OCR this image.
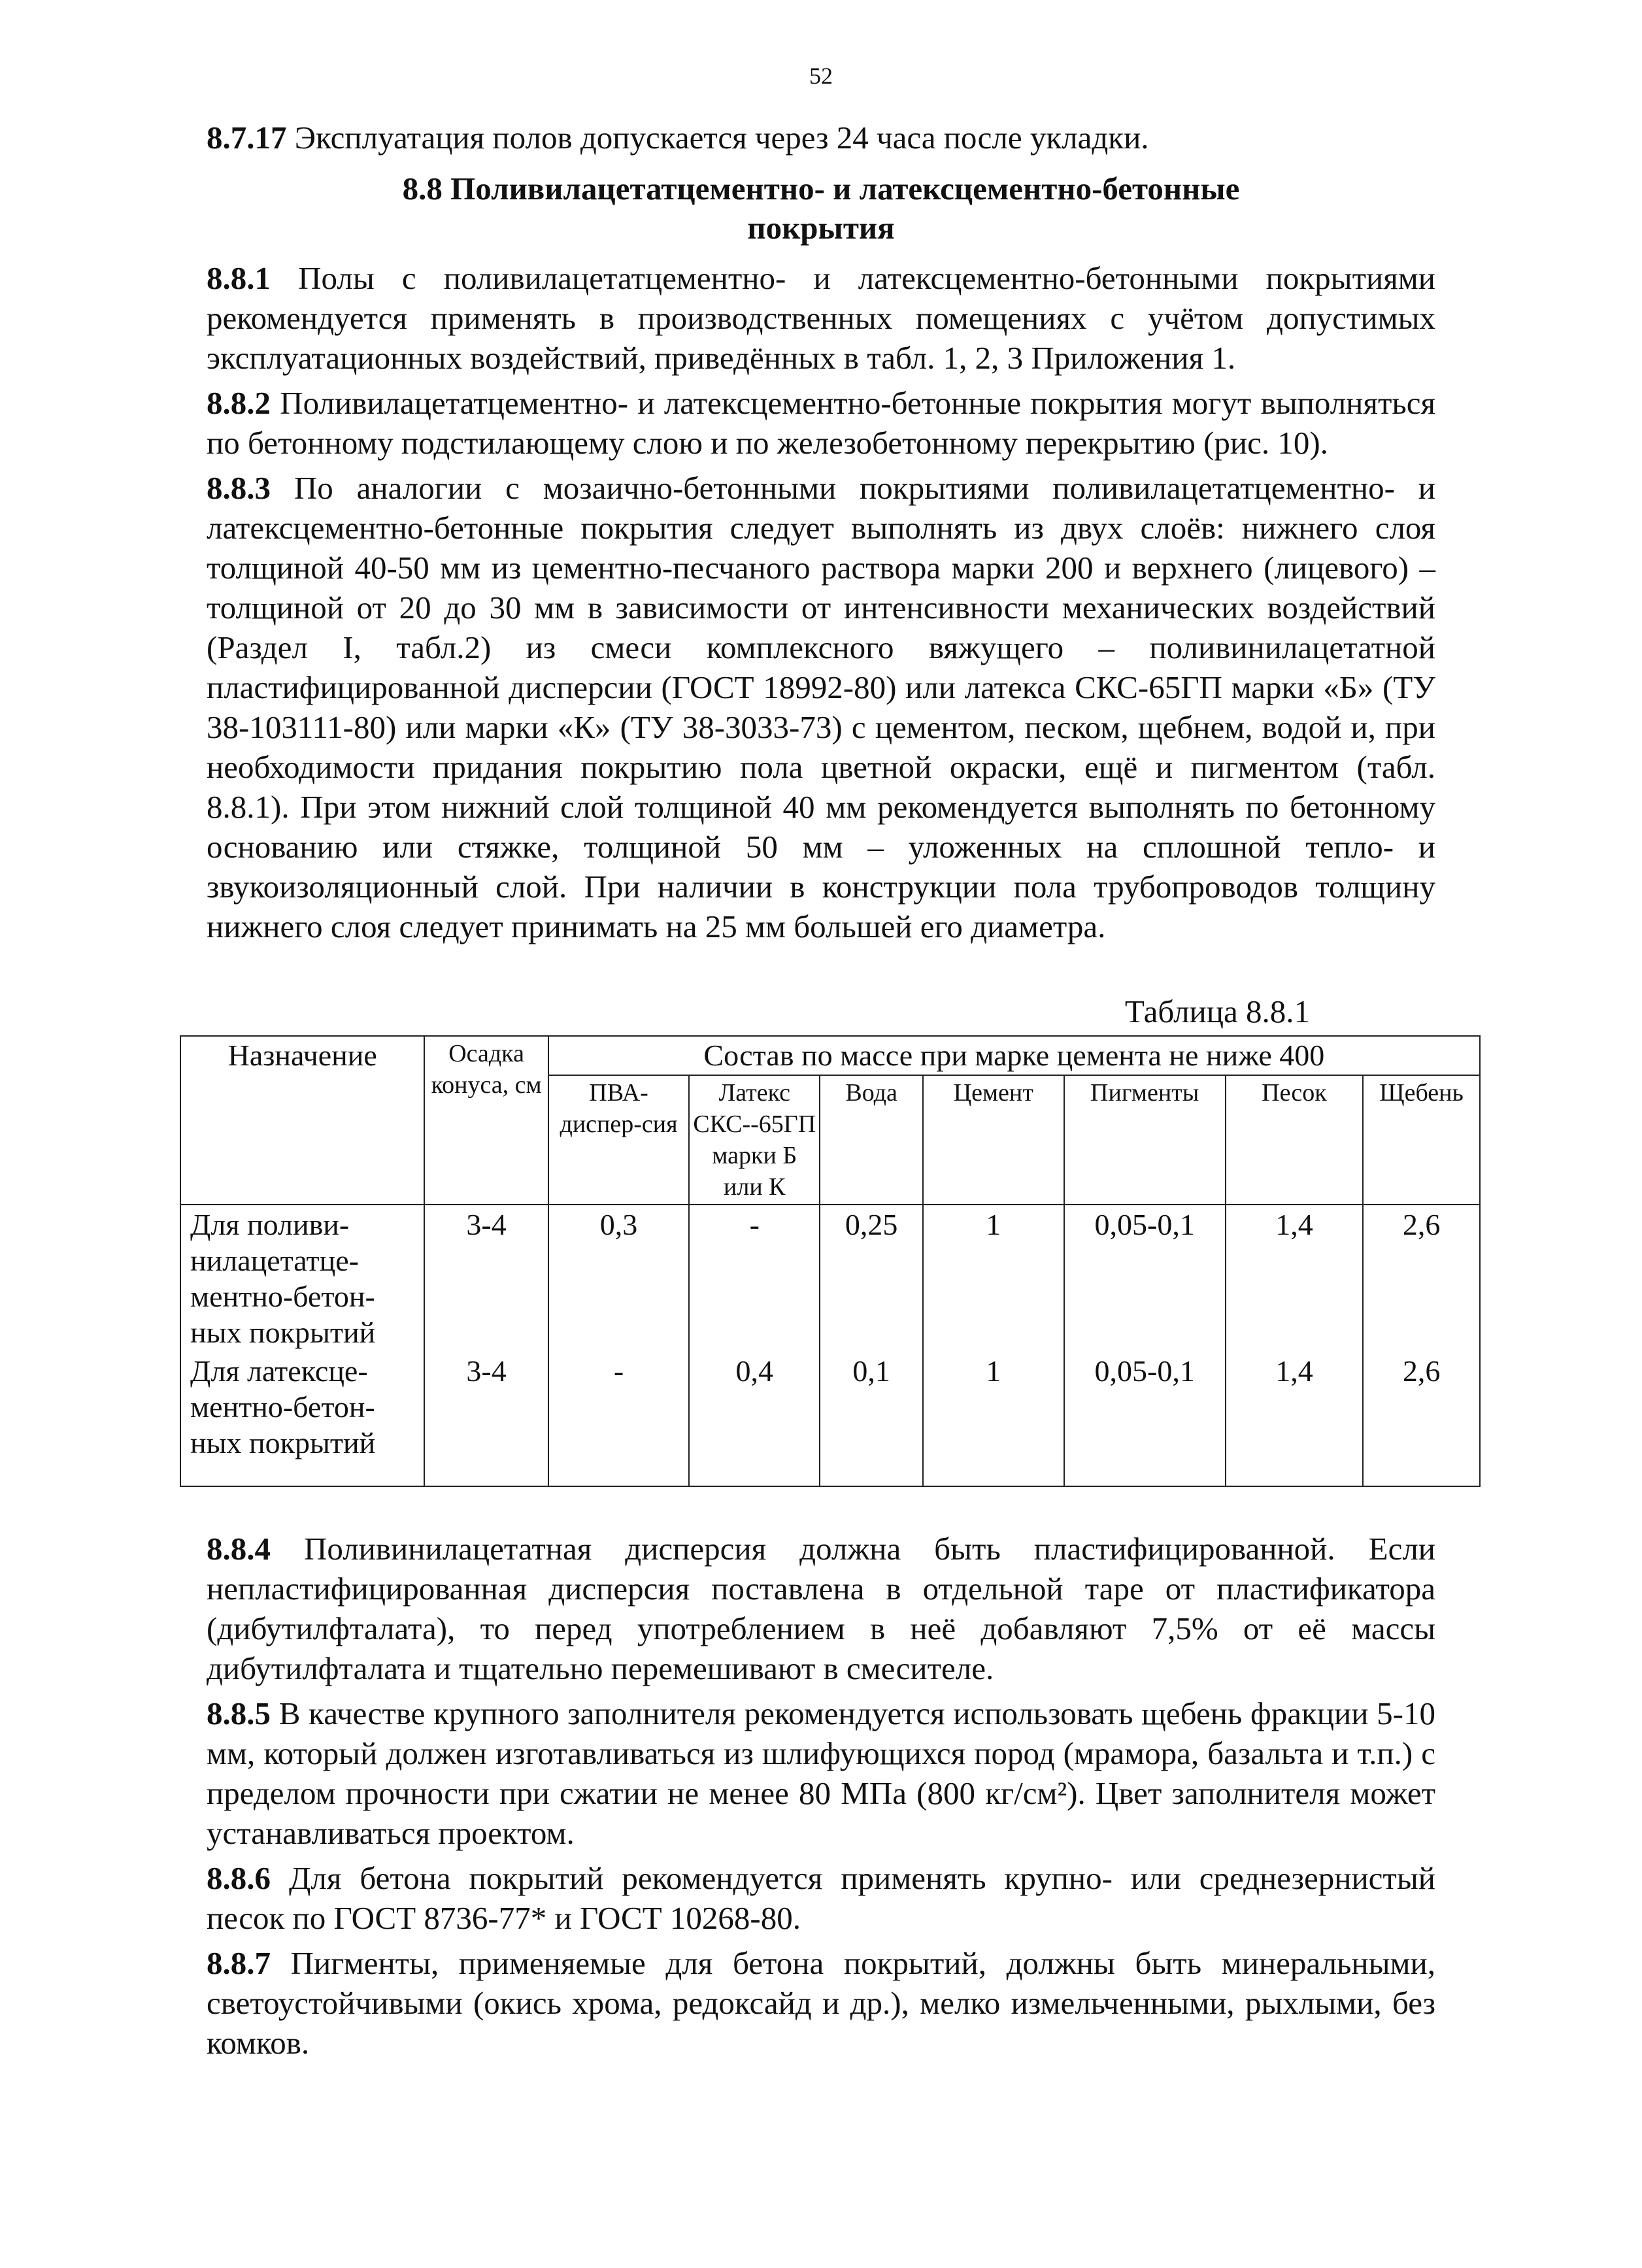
52

8.7.17 Эксплуатация полов допускается через 24 часа после укладки.

8.8 Поливилацетатцементно- и латексцементно-бетонные
покрытия

8.8.1 Полы с поливилацетатцементно- и латексцементно-бетонными покрытиями рекомендуется применять в производственных помещениях с учётом допустимых эксплуатационных воздействий, приведённых в табл. 1, 2, 3 Приложения 1.

8.8.2 Поливилацетатцементно- и латексцементно-бетонные покрытия могут выполняться по бетонному подстилающему слою и по железобетонному перекрытию (рис. 10).

8.8.3 По аналогии с мозаично-бетонными покрытиями поливилацетатцементно- и латексцементно-бетонные покрытия следует выполнять из двух слоёв: нижнего слоя толщиной 40-50 мм из цементно-песчаного раствора марки 200 и верхнего (лицевого) – толщиной от 20 до 30 мм в зависимости от интенсивности механических воздействий (Раздел I, табл.2) из смеси комплексного вяжущего – поливинилацетатной пластифицированной дисперсии (ГОСТ 18992-80) или латекса СКС-65ГП марки «Б» (ТУ 38-103111-80) или марки «К» (ТУ 38-3033-73) с цементом, песком, щебнем, водой и, при необходимости придания покрытию пола цветной окраски, ещё и пигментом (табл. 8.8.1). При этом нижний слой толщиной 40 мм рекомендуется выполнять по бетонному основанию или стяжке, толщиной 50 мм – уложенных на сплошной тепло- и звукоизоляционный слой. При наличии в конструкции пола трубопроводов толщину нижнего слоя следует принимать на 25 мм большей его диаметра.

Таблица 8.8.1
Назначение	Осадка конуса, см	Состав по массе при марке цемента не ниже 400						
		ПВА-диспер-сия	Латекс СКС--65ГП марки Б или К	Вода	Цемент	Пигменты	Песок	Щебень
Для поливи-нилацетатце-ментно-бетон-ных покрытий	3-4	0,3	-	0,25	1	0,05-0,1	1,4	2,6
Для латексце-ментно-бетон-ных покрытий	3-4	-	0,4	0,1	1	0,05-0,1	1,4	2,6

8.8.4 Поливинилацетатная дисперсия должна быть пластифицированной. Если непластифицированная дисперсия поставлена в отдельной таре от пластификатора (дибутилфталата), то перед употреблением в неё добавляют 7,5% от её массы дибутилфталата и тщательно перемешивают в смесителе.

8.8.5 В качестве крупного заполнителя рекомендуется использовать щебень фракции 5-10 мм, который должен изготавливаться из шлифующихся пород (мрамора, базальта и т.п.) с пределом прочности при сжатии не менее 80 МПа (800 кг/см²). Цвет заполнителя может устанавливаться проектом.

8.8.6 Для бетона покрытий рекомендуется применять крупно- или среднезернистый песок по ГОСТ 8736-77* и ГОСТ 10268-80.

8.8.7 Пигменты, применяемые для бетона покрытий, должны быть минеральными, светоустойчивыми (окись хрома, редоксайд и др.), мелко измельченными, рыхлыми, без комков.
